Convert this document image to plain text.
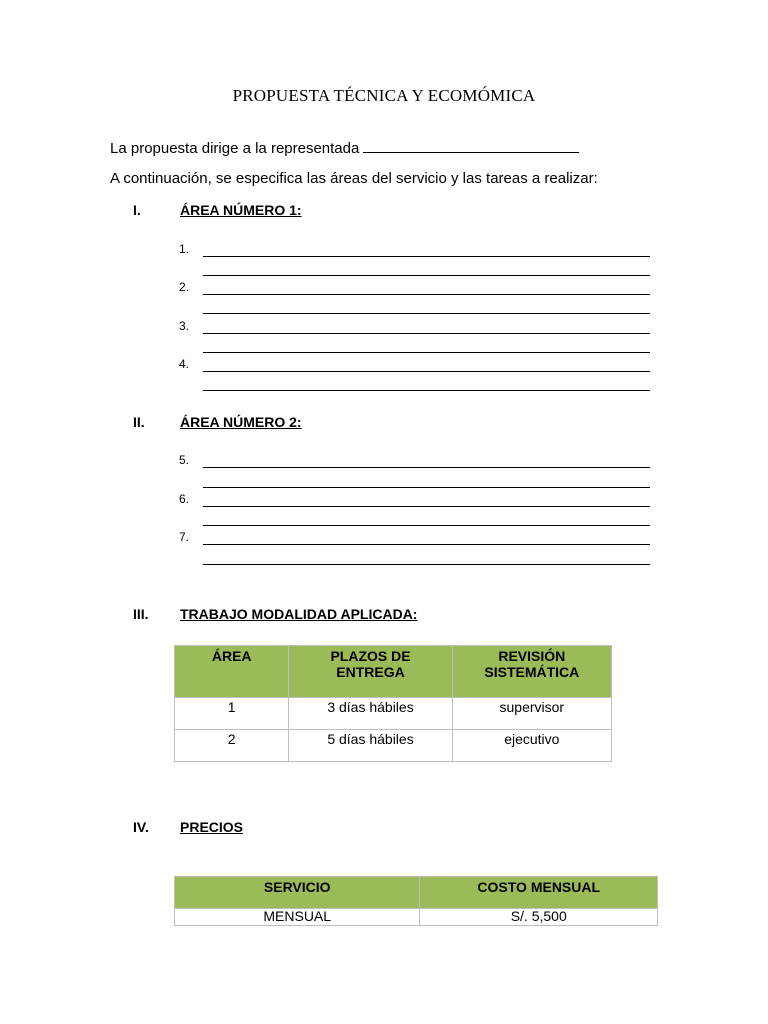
PROPUESTA TÉCNICA Y ECOMÓMICA
La propuesta dirige a la representada
A continuación, se especifica las áreas del servicio y las tareas a realizar:
I.	ÁREA NÚMERO 1:
1.
2.
3.
4.
II.	ÁREA NÚMERO 2:
5.
6.
7.
III. TRABAJO MODALIDAD APLICADA:
ÁREA	PLAZOS DE ENTREGA	REVISIÓN SISTEMÁTICA
1	3 días hábiles	supervisor
2	5 días hábiles	ejecutivo
IV. PRECIOS
SERVICIO	COSTO MENSUAL
MENSUAL	S/. 5,500
